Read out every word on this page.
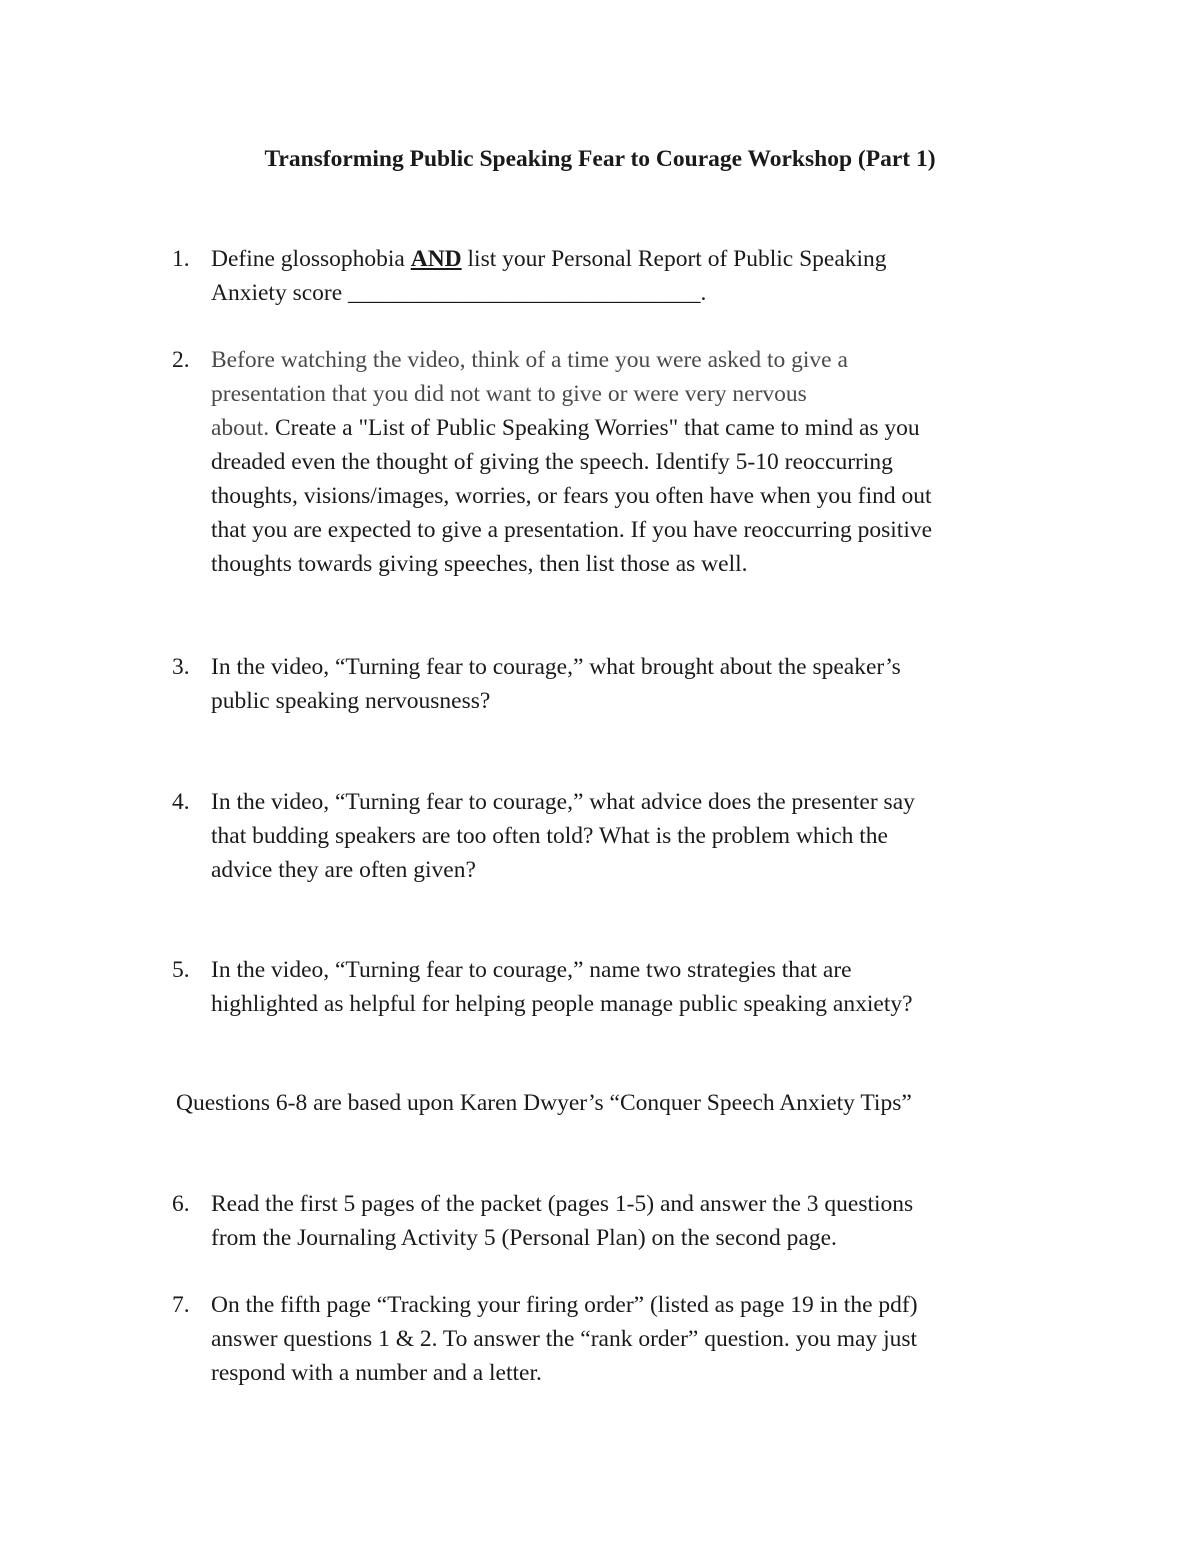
Transforming Public Speaking Fear to Courage Workshop (Part 1)
1. Define glossophobia AND list your Personal Report of Public Speaking
Anxiety score ______________________________.
2. Before watching the video, think of a time you were asked to give a
presentation that you did not want to give or were very nervous
about. Create a "List of Public Speaking Worries" that came to mind as you
dreaded even the thought of giving the speech. Identify 5-10 reoccurring
thoughts, visions/images, worries, or fears you often have when you find out
that you are expected to give a presentation. If you have reoccurring positive
thoughts towards giving speeches, then list those as well.
3. In the video, “Turning fear to courage,” what brought about the speaker’s
public speaking nervousness?
4. In the video, “Turning fear to courage,” what advice does the presenter say
that budding speakers are too often told? What is the problem which the
advice they are often given?
5. In the video, “Turning fear to courage,” name two strategies that are
highlighted as helpful for helping people manage public speaking anxiety?
Questions 6-8 are based upon Karen Dwyer’s “Conquer Speech Anxiety Tips”
6. Read the first 5 pages of the packet (pages 1-5) and answer the 3 questions
from the Journaling Activity 5 (Personal Plan) on the second page.
7. On the fifth page “Tracking your firing order” (listed as page 19 in the pdf)
answer questions 1 & 2. To answer the “rank order” question. you may just
respond with a number and a letter.
